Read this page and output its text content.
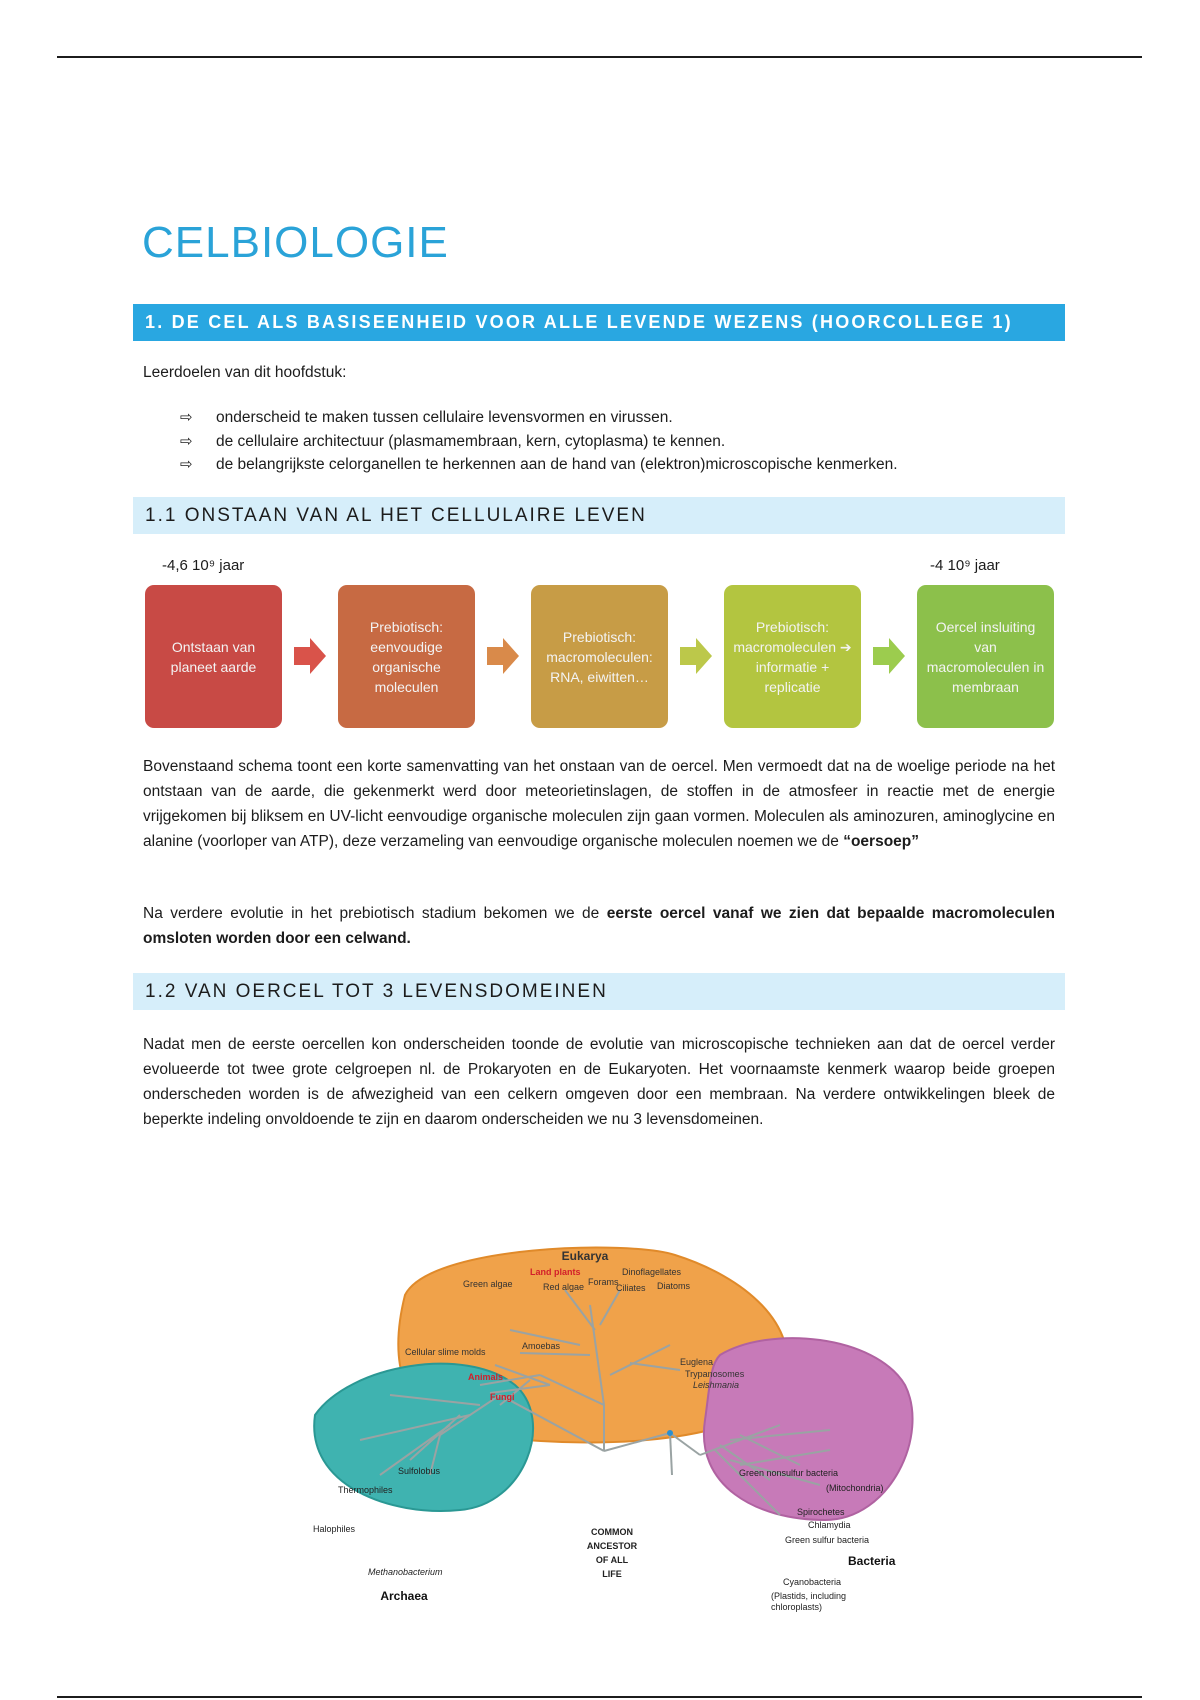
CELBIOLOGIE
1. DE CEL ALS BASISEENHEID VOOR ALLE LEVENDE WEZENS (HOORCOLLEGE 1)
Leerdoelen van dit hoofdstuk:
⇨ onderscheid te maken tussen cellulaire levensvormen en virussen.
⇨ de cellulaire architectuur (plasmamembraan, kern, cytoplasma) te kennen.
⇨ de belangrijkste celorganellen te herkennen aan de hand van (elektron)microscopische kenmerken.
1.1 ONSTAAN VAN AL HET CELLULAIRE LEVEN
-4,6 10⁹ jaar	-4 10⁹ jaar
Ontstaan van planeet aarde
Prebiotisch: eenvoudige organische moleculen
Prebiotisch: macromoleculen: RNA, eiwitten…
Prebiotisch: macromoleculen ➔ informatie + replicatie
Oercel insluiting van macromoleculen in membraan
Bovenstaand schema toont een korte samenvatting van het onstaan van de oercel. Men vermoedt dat na de woelige periode na het ontstaan van de aarde, die gekenmerkt werd door meteorietinslagen, de stoffen in de atmosfeer in reactie met de energie vrijgekomen bij bliksem en UV-licht eenvoudige organische moleculen zijn gaan vormen. Moleculen als aminozuren, aminoglycine en alanine (voorloper van ATP), deze verzameling van eenvoudige organische moleculen noemen we de “oersoep”
Na verdere evolutie in het prebiotisch stadium bekomen we de eerste oercel vanaf we zien dat bepaalde macromoleculen omsloten worden door een celwand.
1.2 VAN OERCEL TOT 3 LEVENSDOMEINEN
Nadat men de eerste oercellen kon onderscheiden toonde de evolutie van microscopische technieken aan dat de oercel verder evolueerde tot twee grote celgroepen nl. de Prokaryoten en de Eukaryoten. Het voornaamste kenmerk waarop beide groepen onderscheden worden is de afwezigheid van een celkern omgeven door een membraan. Na verdere ontwikkelingen bleek de beperkte indeling onvoldoende te zijn en daarom onderscheiden we nu 3 levensdomeinen.
Eukarya
Land plants
Green algae	Red algae Forams
Dinoflagellates
Ciliates Diatoms
Amoebas
Cellular slime molds
Animals
Fungi
Euglena
Trypanosomes
Leishmania
Sulfolobus
Thermophiles
Halophiles
Methanobacterium
Archaea
Green nonsulfur bacteria
(Mitochondria)
Spirochetes
Chlamydia
Green sulfur bacteria
Bacteria
Cyanobacteria
(Plastids, including
chloroplasts)
COMMON
ANCESTOR
OF ALL
LIFE
